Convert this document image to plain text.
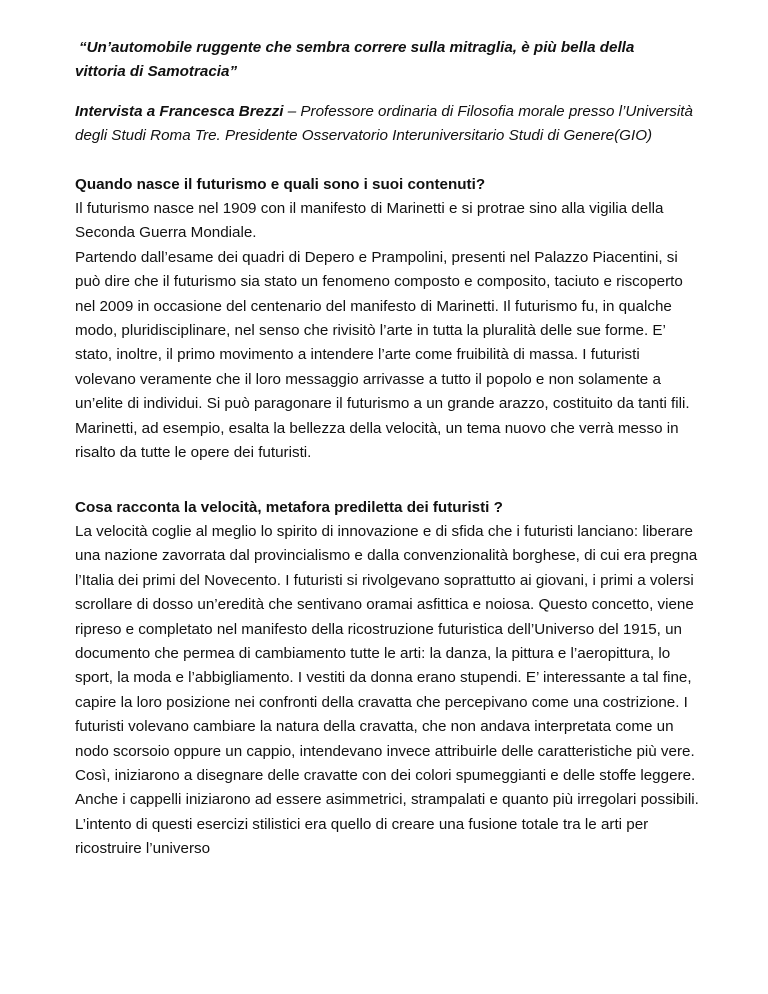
“Un’automobile ruggente che sembra correre sulla mitraglia, è più bella della
vittoria di Samotracia”

Intervista a Francesca Brezzi – Professore ordinaria di Filosofia morale presso l’Università degli Studi Roma Tre. Presidente Osservatorio Interuniversitario Studi di Genere(GIO)

Quando nasce il futurismo e quali sono i suoi contenuti?

Il futurismo nasce nel 1909 con il manifesto di Marinetti e si protrae sino alla vigilia della Seconda Guerra Mondiale.

Partendo dall’esame dei quadri di Depero e Prampolini, presenti nel Palazzo Piacentini, si può dire che il futurismo sia stato un fenomeno composto e composito, taciuto e riscoperto nel 2009 in occasione del centenario del manifesto di Marinetti. Il futurismo fu, in qualche modo, pluridisciplinare, nel senso che rivisitò l’arte in tutta la pluralità delle sue forme. E’ stato, inoltre, il primo movimento a intendere l’arte come fruibilità di massa. I futuristi volevano veramente che il loro messaggio arrivasse a tutto il popolo e non solamente a un’elite di individui. Si può paragonare il futurismo a un grande arazzo, costituito da tanti fili. Marinetti, ad esempio, esalta la bellezza della velocità, un tema nuovo che verrà messo in risalto da tutte le opere dei futuristi.

Cosa racconta la velocità, metafora prediletta dei futuristi ?

La velocità coglie al meglio lo spirito di innovazione e di sfida che i futuristi lanciano: liberare una nazione zavorrata dal provincialismo e dalla convenzionalità borghese, di cui era pregna l’Italia dei primi del Novecento. I futuristi si rivolgevano soprattutto ai giovani, i primi a volersi scrollare di dosso un’eredità che sentivano oramai asfittica e noiosa. Questo concetto, viene ripreso e completato nel manifesto della ricostruzione futuristica dell’Universo del 1915, un documento che permea di cambiamento tutte le arti: la danza, la pittura e l’aeropittura, lo sport, la moda e l’abbigliamento. I vestiti da donna erano stupendi. E’ interessante a tal fine, capire la loro posizione nei confronti della cravatta che percepivano come una costrizione. I futuristi volevano cambiare la natura della cravatta, che non andava interpretata come un nodo scorsoio oppure un cappio, intendevano invece attribuirle delle caratteristiche più vere. Così, iniziarono a disegnare delle cravatte con dei colori spumeggianti e delle stoffe leggere. Anche i cappelli iniziarono ad essere asimmetrici, strampalati e quanto più irregolari possibili. L’intento di questi esercizi stilistici era quello di creare una fusione totale tra le arti per ricostruire l’universo
